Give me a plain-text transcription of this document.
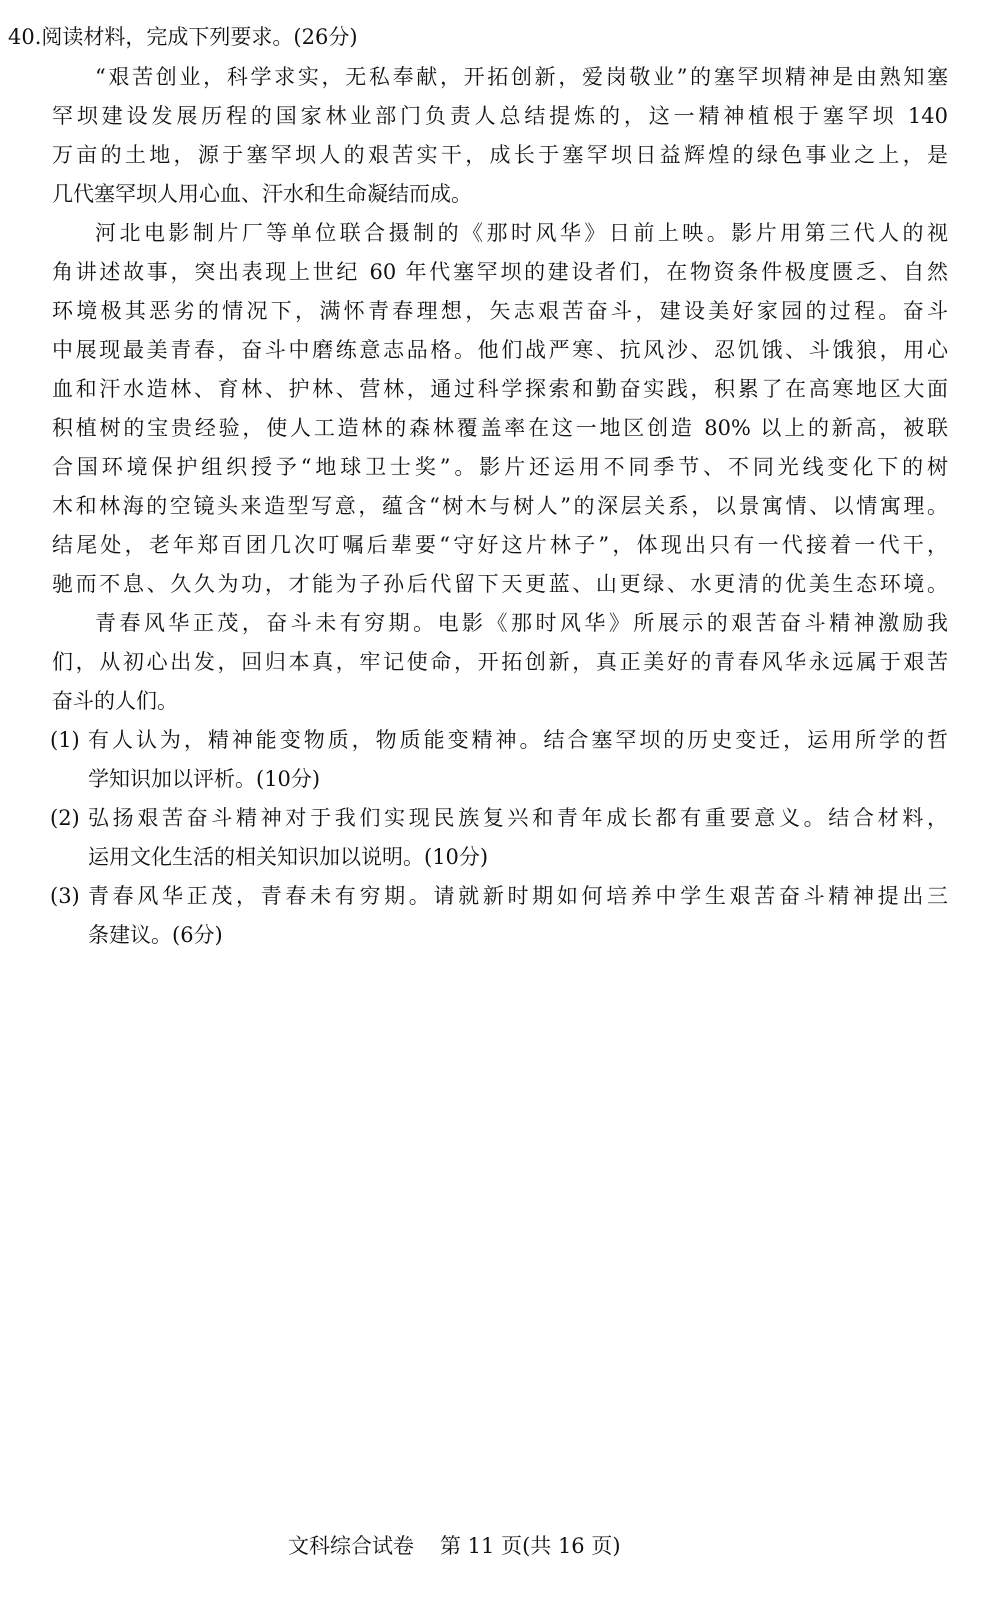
40.阅读材料，完成下列要求。(26分)
“艰苦创业，科学求实，无私奉献，开拓创新，爱岗敬业”的塞罕坝精神是由熟知塞
罕坝建设发展历程的国家林业部门负责人总结提炼的，这一精神植根于塞罕坝 140
万亩的土地，源于塞罕坝人的艰苦实干，成长于塞罕坝日益辉煌的绿色事业之上，是
几代塞罕坝人用心血、汗水和生命凝结而成。
河北电影制片厂等单位联合摄制的《那时风华》日前上映。影片用第三代人的视
角讲述故事，突出表现上世纪 60 年代塞罕坝的建设者们，在物资条件极度匮乏、自然
环境极其恶劣的情况下，满怀青春理想，矢志艰苦奋斗，建设美好家园的过程。奋斗
中展现最美青春，奋斗中磨练意志品格。他们战严寒、抗风沙、忍饥饿、斗饿狼，用心
血和汗水造林、育林、护林、营林，通过科学探索和勤奋实践，积累了在高寒地区大面
积植树的宝贵经验，使人工造林的森林覆盖率在这一地区创造 80% 以上的新高，被联
合国环境保护组织授予“地球卫士奖”。影片还运用不同季节、不同光线变化下的树
木和林海的空镜头来造型写意，蕴含“树木与树人”的深层关系，以景寓情、以情寓理。
结尾处，老年郑百团几次叮嘱后辈要“守好这片林子”，体现出只有一代接着一代干，
驰而不息、久久为功，才能为子孙后代留下天更蓝、山更绿、水更清的优美生态环境。
青春风华正茂，奋斗未有穷期。电影《那时风华》所展示的艰苦奋斗精神激励我
们，从初心出发，回归本真，牢记使命，开拓创新，真正美好的青春风华永远属于艰苦
奋斗的人们。
(1) 有人认为，精神能变物质，物质能变精神。结合塞罕坝的历史变迁，运用所学的哲
学知识加以评析。(10分)
(2) 弘扬艰苦奋斗精神对于我们实现民族复兴和青年成长都有重要意义。结合材料，
运用文化生活的相关知识加以说明。(10分)
(3) 青春风华正茂，青春未有穷期。请就新时期如何培养中学生艰苦奋斗精神提出三
条建议。(6分)
文科综合试卷 第 11 页(共 16 页)
